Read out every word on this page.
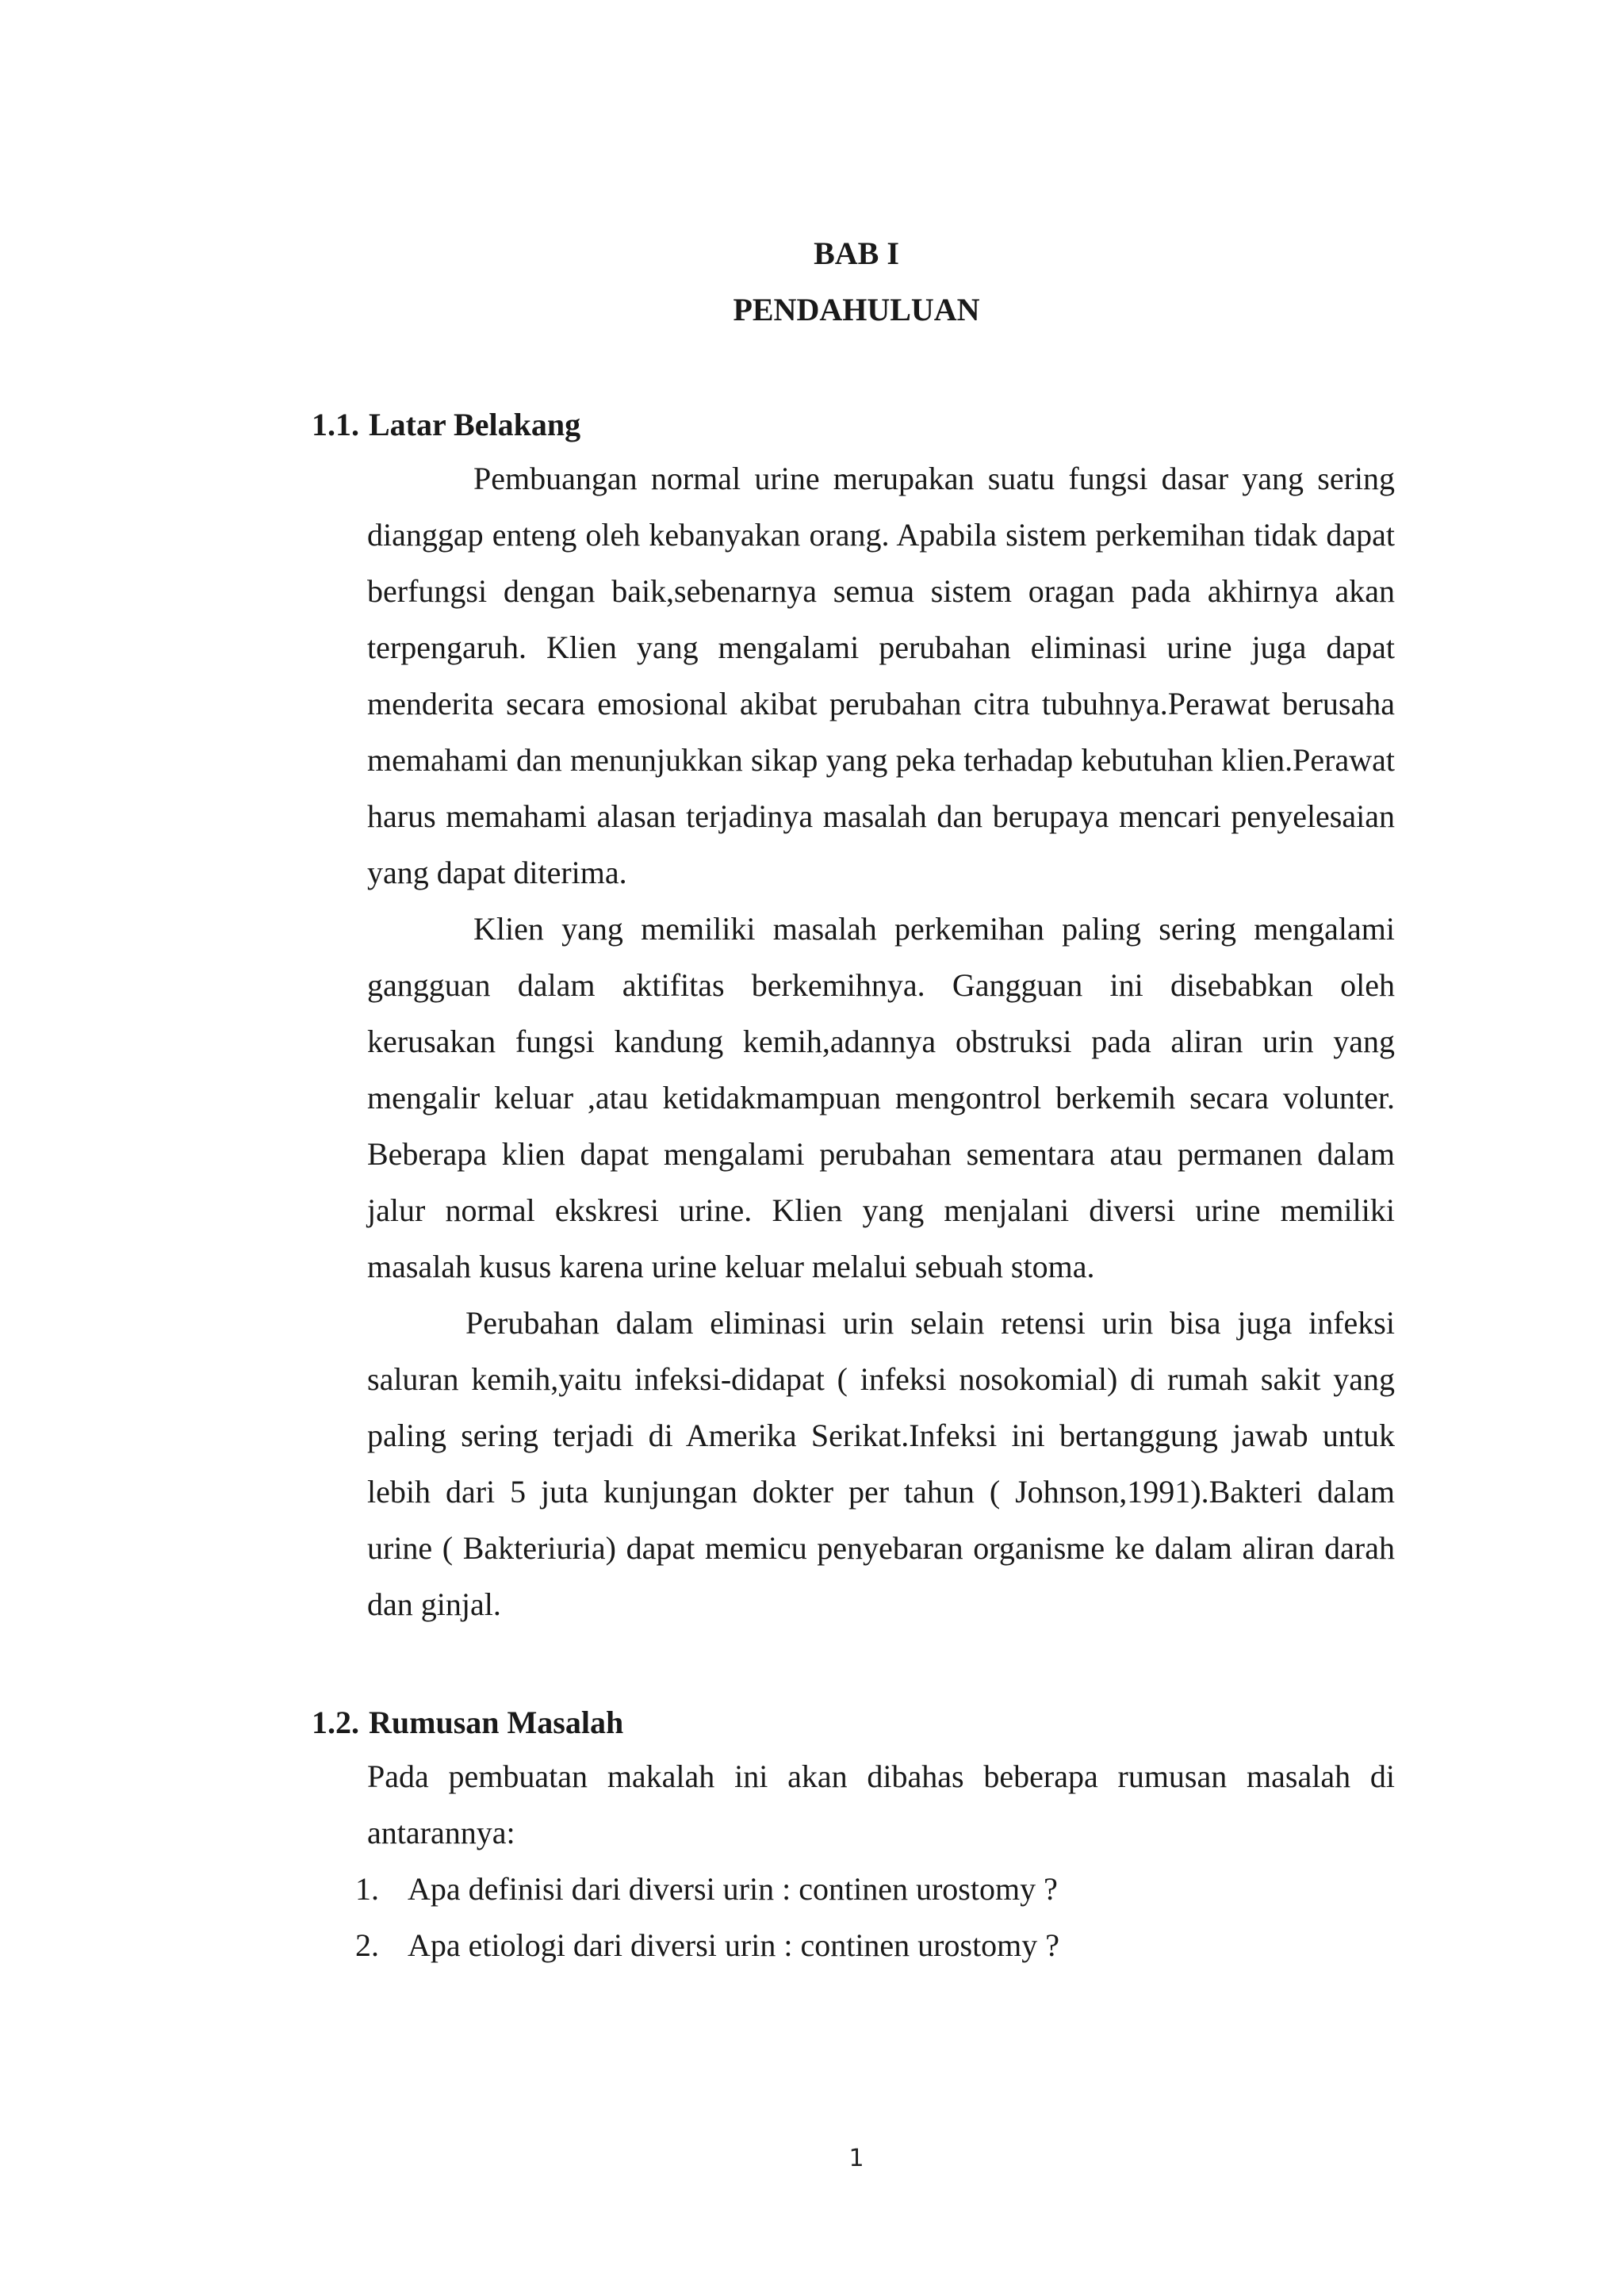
BAB I
PENDAHULUAN
1.1. Latar Belakang

Pembuangan normal urine merupakan suatu fungsi dasar yang sering dianggap enteng oleh kebanyakan orang. Apabila sistem perkemihan tidak dapat berfungsi dengan baik,sebenarnya semua sistem oragan pada akhirnya akan terpengaruh. Klien yang mengalami perubahan eliminasi urine juga dapat menderita secara emosional akibat perubahan citra tubuhnya.Perawat berusaha memahami dan menunjukkan sikap yang peka terhadap kebutuhan klien.Perawat harus memahami alasan terjadinya masalah dan berupaya mencari penyelesaian yang dapat diterima.

Klien yang memiliki masalah perkemihan paling sering mengalami gangguan dalam aktifitas berkemihnya. Gangguan ini disebabkan oleh kerusakan fungsi kandung kemih,adannya obstruksi pada aliran urin yang mengalir keluar ,atau ketidakmampuan mengontrol berkemih secara volunter. Beberapa klien dapat mengalami perubahan sementara atau permanen dalam jalur normal ekskresi urine. Klien yang menjalani diversi urine memiliki masalah kusus karena urine keluar melalui sebuah stoma.

Perubahan dalam eliminasi urin selain retensi urin bisa juga infeksi saluran kemih,yaitu infeksi-didapat ( infeksi nosokomial) di rumah sakit yang paling sering terjadi di Amerika Serikat.Infeksi ini bertanggung jawab untuk lebih dari 5 juta kunjungan dokter per tahun ( Johnson,1991).Bakteri dalam urine ( Bakteriuria) dapat memicu penyebaran organisme ke dalam aliran darah dan ginjal.

1.2. Rumusan Masalah

Pada pembuatan makalah ini akan dibahas beberapa rumusan masalah di antarannya:

1. Apa definisi dari diversi urin : continen urostomy ?
2. Apa etiologi dari diversi urin : continen urostomy ?
1
